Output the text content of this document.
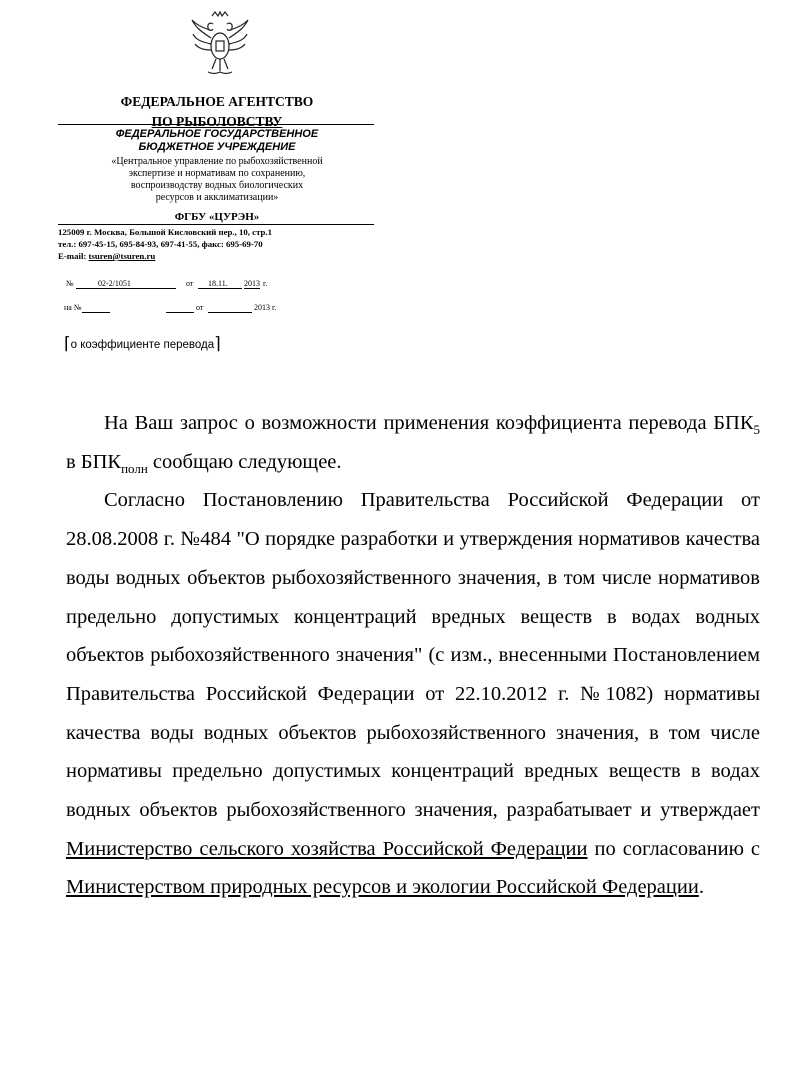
ФЕДЕРАЛЬНОЕ АГЕНТСТВО

ПО РЫБОЛОВСТВУ
ФЕДЕРАЛЬНОЕ ГОСУДАРСТВЕННОЕ
БЮДЖЕТНОЕ УЧРЕЖДЕНИЕ
«Центральное управление по рыбохозяйственной
экспертизе и нормативам по сохранению,
воспроизводству водных биологических
ресурсов и акклиматизации»
ФГБУ «ЦУРЭН»
125009 г. Москва, Большой Кисловский пер., 10, стр.1
тел.: 697-45-15, 695-84-93, 697-41-55, факс: 695-69-70
E-mail: tsuren@tsuren.ru
№	02-2/1051	от	18.11.	2013 г.
на №

	от
	2013 г.
⌈о коэффициенте перевода⌉

На Ваш запрос о возможности применения коэффициента перевода $БПК_5$ в $БПК_{полн}$ сообщаю следующее.

Согласно Постановлению Правительства Российской Федерации от 28.08.2008 г. №484 "О порядке разработки и утверждения нормативов качества воды водных объектов рыбохозяйственного значения, в том числе нормативов предельно допустимых концентраций вредных веществ в водах водных объектов рыбохозяйственного значения" (с изм., внесенными Постановлением Правительства Российской Федерации от 22.10.2012 г. №1082) нормативы качества воды водных объектов рыбохозяйственного значения, в том числе нормативы предельно допустимых концентраций вредных веществ в водах водных объектов рыбохозяйственного значения, разрабатывает и утверждает Министерство сельского хозяйства Российской Федерации по согласованию с Министерством природных ресурсов и экологии Российской Федерации.
